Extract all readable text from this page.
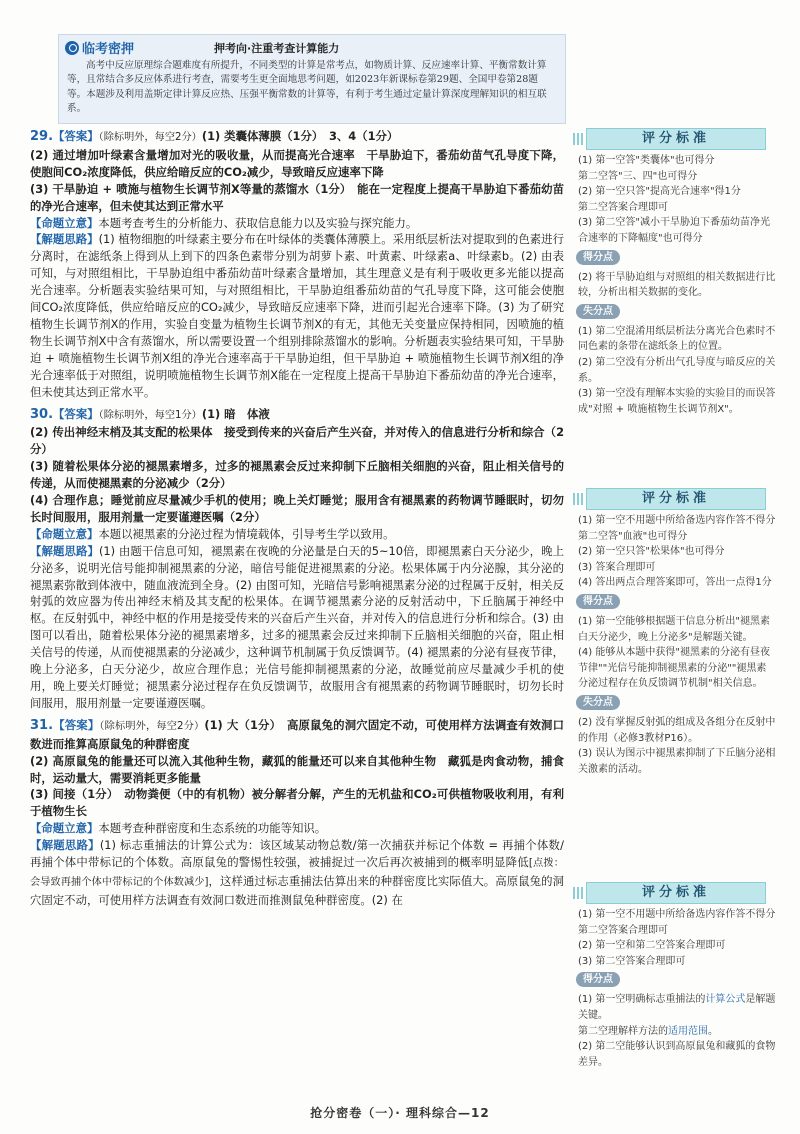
临考密押	押考向·注重考查计算能力
高考中反应原理综合题难度有所提升，不同类型的计算是常考点，如物质计算、反应速率计算、平衡常数计算等，且常结合多反应体系进行考查，需要考生更全面地思考问题，如2023年新课标卷第29题、全国甲卷第28题等。本题涉及利用盖斯定律计算反应热、压强平衡常数的计算等，有利于考生通过定量计算深度理解知识的相互联系。
29.【答案】（除标明外，每空2分）(1) 类囊体薄膜（1分）　 3、4（1分）
(2) 通过增加叶绿素含量增加对光的吸收量，从而提高光合速率　干旱胁迫下，番茄幼苗气孔导度下降，使胞间CO₂浓度降低，供应给暗反应的CO₂减少，导致暗反应速率下降
(3) 干旱胁迫 + 喷施与植物生长调节剂X等量的蒸馏水（1分）　能在一定程度上提高干旱胁迫下番茄幼苗的净光合速率，但未使其达到正常水平
【命题立意】本题考查考生的分析能力、获取信息能力以及实验与探究能力。
【解题思路】(1) 植物细胞的叶绿素主要分布在叶绿体的类囊体薄膜上。采用纸层析法对提取到的色素进行分离时，在滤纸条上得到从上到下的四条色素带分别为胡萝卜素、叶黄素、叶绿素a、叶绿素b。(2) 由表可知，与对照组相比，干旱胁迫组中番茄幼苗叶绿素含量增加，其生理意义是有利于吸收更多光能以提高光合速率。分析题表实验结果可知，与对照组相比，干旱胁迫组番茄幼苗的气孔导度下降，这可能会使胞间CO₂浓度降低，供应给暗反应的CO₂减少，导致暗反应速率下降，进而引起光合速率下降。(3) 为了研究植物生长调节剂X的作用，实验自变量为植物生长调节剂X的有无，其他无关变量应保持相同，因喷施的植物生长调节剂X中含有蒸馏水，所以需要设置一个组别排除蒸馏水的影响。分析题表实验结果可知，干旱胁迫 + 喷施植物生长调节剂X组的净光合速率高于干旱胁迫组，但干旱胁迫 + 喷施植物生长调节剂X组的净光合速率低于对照组，说明喷施植物生长调节剂X能在一定程度上提高干旱胁迫下番茄幼苗的净光合速率，但未使其达到正常水平。
30.【答案】（除标明外，每空1分）(1) 暗　体液
(2) 传出神经末梢及其支配的松果体　接受到传来的兴奋后产生兴奋，并对传入的信息进行分析和综合（2分）
(3) 随着松果体分泌的褪黑素增多，过多的褪黑素会反过来抑制下丘脑相关细胞的兴奋，阻止相关信号的传递，从而使褪黑素的分泌减少（2分）
(4) 合理作息；睡觉前应尽量减少手机的使用；晚上关灯睡觉；服用含有褪黑素的药物调节睡眠时，切勿长时间服用，服用剂量一定要谨遵医嘱（2分）
【命题立意】本题以褪黑素的分泌过程为情境载体，引导考生学以致用。
【解题思路】(1) 由题干信息可知，褪黑素在夜晚的分泌量是白天的5~10倍，即褪黑素白天分泌少，晚上分泌多，说明光信号能抑制褪黑素的分泌，暗信号能促进褪黑素的分泌。松果体属于内分泌腺，其分泌的褪黑素弥散到体液中，随血液流到全身。(2) 由图可知，光暗信号影响褪黑素分泌的过程属于反射，相关反射弧的效应器为传出神经末梢及其支配的松果体。在调节褪黑素分泌的反射活动中，下丘脑属于神经中枢。在反射弧中，神经中枢的作用是接受传来的兴奋后产生兴奋，并对传入的信息进行分析和综合。(3) 由图可以看出，随着松果体分泌的褪黑素增多，过多的褪黑素会反过来抑制下丘脑相关细胞的兴奋，阻止相关信号的传递，从而使褪黑素的分泌减少，这种调节机制属于负反馈调节。(4) 褪黑素的分泌有昼夜节律，晚上分泌多，白天分泌少，故应合理作息；光信号能抑制褪黑素的分泌，故睡觉前应尽量减少手机的使用，晚上要关灯睡觉；褪黑素分泌过程存在负反馈调节，故服用含有褪黑素的药物调节睡眠时，切勿长时间服用，服用剂量一定要谨遵医嘱。
31.【答案】（除标明外，每空2分）(1) 大（1分）　高原鼠兔的洞穴固定不动，可使用样方法调查有效洞口数进而推算高原鼠兔的种群密度
(2) 高原鼠兔的能量还可以流入其他种生物，藏狐的能量还可以来自其他种生物　藏狐是肉食动物，捕食时，运动量大，需要消耗更多能量
(3) 间接（1分）　动物粪便（中的有机物）被分解者分解，产生的无机盐和CO₂可供植物吸收利用，有利于植物生长
【命题立意】本题考查种群密度和生态系统的功能等知识。
【解题思路】(1) 标志重捕法的计算公式为：该区域某动物总数/第一次捕获并标记个体数 = 再捕个体数/再捕个体中带标记的个体数。高原鼠兔的警惕性较强，被捕捉过一次后再次被捕到的概率明显降低[点拨：会导致再捕个体中带标记的个体数减少]，这样通过标志重捕法估算出来的种群密度比实际值大。高原鼠兔的洞穴固定不动，可使用样方法调查有效洞口数进而推测鼠兔种群密度。(2) 在
评分标准
(1) 第一空答"类囊体"也可得分
第二空答"三、四"也可得分
(2) 第一空只答"提高光合速率"得1分
第二空答案合理即可
(3) 第二空答"减小干旱胁迫下番茄幼苗净光合速率的下降幅度"也可得分
得分点
(2) 将干旱胁迫组与对照组的相关数据进行比较，分析出相关数据的变化。
失分点
(1) 第二空混淆用纸层析法分离光合色素时不同色素的条带在滤纸条上的位置。
(2) 第二空没有分析出气孔导度与暗反应的关系。
(3) 第一空没有理解本实验的实验目的而误答成"对照 + 喷施植物生长调节剂X"。
评分标准
(1) 第一空不用题中所给备选内容作答不得分
第二空答"血液"也可得分
(2) 第一空只答"松果体"也可得分
(3) 答案合理即可
(4) 答出两点合理答案即可，答出一点得1分
得分点
(1) 第一空能够根据题干信息分析出"褪黑素白天分泌少，晚上分泌多"是解题关键。
(4) 能够从本题中获得"褪黑素的分泌有昼夜节律""光信号能抑制褪黑素的分泌""褪黑素分泌过程存在负反馈调节机制"相关信息。
失分点
(2) 没有掌握反射弧的组成及各组分在反射中的作用（必修3教材P16）。
(3) 误认为图示中褪黑素抑制了下丘脑分泌相关激素的活动。
评分标准
(1) 第一空不用题中所给备选内容作答不得分
第二空答案合理即可
(2) 第一空和第二空答案合理即可
(3) 第二空答案合理即可
得分点
(1) 第一空明确标志重捕法的计算公式是解题关键。
第二空理解样方法的适用范围。
(2) 第二空能够认识到高原鼠兔和藏狐的食物差异。
抢分密卷（一）· 理科综合—12
